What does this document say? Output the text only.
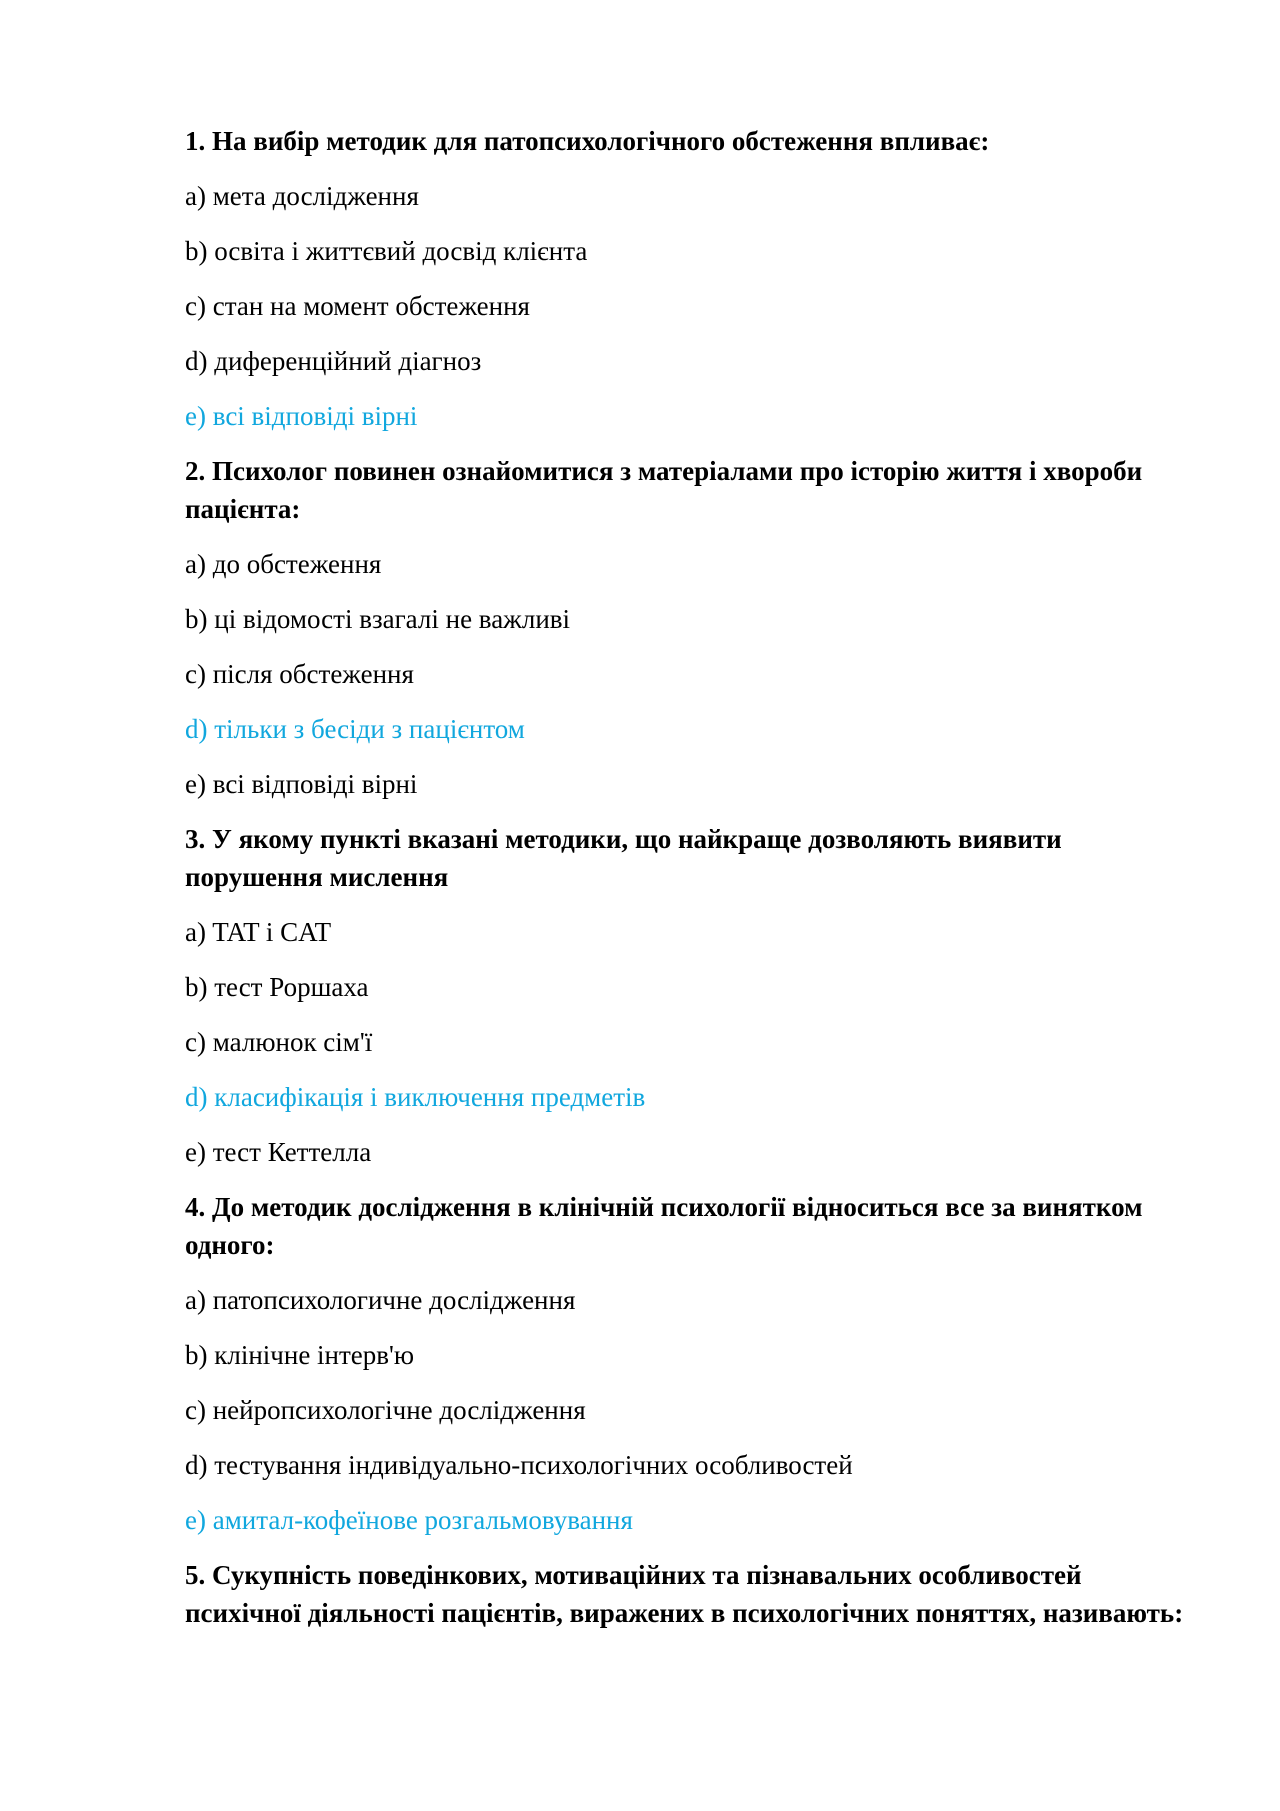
1. На вибір методик для патопсихологічного обстеження впливає:
a) мета дослідження
b) освіта і життєвий досвід клієнта
c) стан на момент обстеження
d) диференційний діагноз
e) всі відповіді вірні
2. Психолог повинен ознайомитися з матеріалами про історію життя і хвороби пацієнта:
a) до обстеження
b) ці відомості взагалі не важливі
c) після обстеження
d) тільки з бесіди з пацієнтом
e) всі відповіді вірні
3. У якому пункті вказані методики, що найкраще дозволяють виявити порушення мислення
a) TAT і CAT
b) тест Роршаха
c) малюнок сім'ї
d) класифікація і виключення предметів
e) тест Кеттелла
4. До методик дослідження в клінічній психології відноситься все за винятком одного:
a) патопсихологичне дослідження
b) клінічне інтерв'ю
c) нейропсихологічне дослідження
d) тестування індивідуально-психологічних особливостей
e) амитал-кофеїнове розгальмовування
5. Сукупність поведінкових, мотиваційних та пізнавальних особливостей психічної діяльності пацієнтів, виражених в психологічних поняттях, називають:
